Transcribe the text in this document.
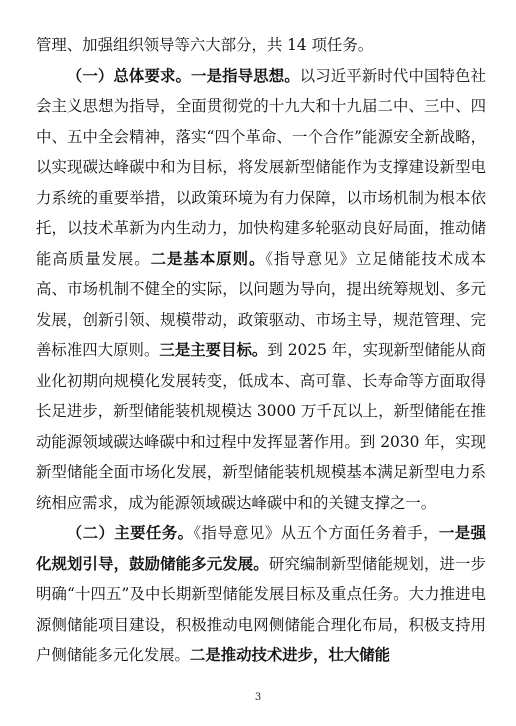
管理、加强组织领导等六大部分，共 14 项任务。

（一）总体要求。一是指导思想。以习近平新时代中国特色社会主义思想为指导，全面贯彻党的十九大和十九届二中、三中、四中、五中全会精神，落实“四个革命、一个合作”能源安全新战略，以实现碳达峰碳中和为目标，将发展新型储能作为支撑建设新型电力系统的重要举措，以政策环境为有力保障，以市场机制为根本依托，以技术革新为内生动力，加快构建多轮驱动良好局面，推动储能高质量发展。二是基本原则。《指导意见》立足储能技术成本高、市场机制不健全的实际，以问题为导向，提出统筹规划、多元发展，创新引领、规模带动，政策驱动、市场主导，规范管理、完善标准四大原则。三是主要目标。到 2025 年，实现新型储能从商业化初期向规模化发展转变，低成本、高可靠、长寿命等方面取得长足进步，新型储能装机规模达 3000 万千瓦以上，新型储能在推动能源领域碳达峰碳中和过程中发挥显著作用。到 2030 年，实现新型储能全面市场化发展，新型储能装机规模基本满足新型电力系统相应需求，成为能源领域碳达峰碳中和的关键支撑之一。

（二）主要任务。《指导意见》从五个方面任务着手，一是强化规划引导，鼓励储能多元发展。研究编制新型储能规划，进一步明确“十四五”及中长期新型储能发展目标及重点任务。大力推进电源侧储能项目建设，积极推动电网侧储能合理化布局，积极支持用户侧储能多元化发展。二是推动技术进步，壮大储能

3
